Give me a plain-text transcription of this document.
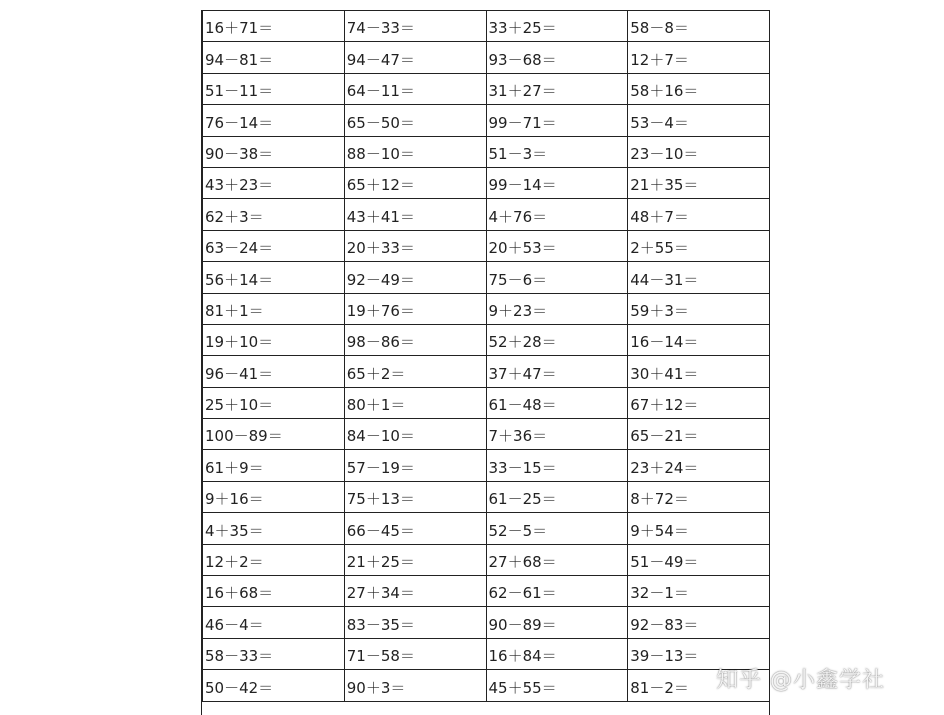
16＋71＝	74－33＝	33＋25＝	58－8＝
94－81＝	94－47＝	93－68＝	12＋7＝
51－11＝	64－11＝	31＋27＝	58＋16＝
76－14＝	65－50＝	99－71＝	53－4＝
90－38＝	88－10＝	51－3＝	23－10＝
43＋23＝	65＋12＝	99－14＝	21＋35＝
62＋3＝	43＋41＝	4＋76＝	48＋7＝
63－24＝	20＋33＝	20＋53＝	2＋55＝
56＋14＝	92－49＝	75－6＝	44－31＝
81＋1＝	19＋76＝	9＋23＝	59＋3＝
19＋10＝	98－86＝	52＋28＝	16－14＝
96－41＝	65＋2＝	37＋47＝	30＋41＝
25＋10＝	80＋1＝	61－48＝	67＋12＝
100－89＝	84－10＝	7＋36＝	65－21＝
61＋9＝	57－19＝	33－15＝	23＋24＝
9＋16＝	75＋13＝	61－25＝	8＋72＝
4＋35＝	66－45＝	52－5＝	9＋54＝
12＋2＝	21＋25＝	27＋68＝	51－49＝
16＋68＝	27＋34＝	62－61＝	32－1＝
46－4＝	83－35＝	90－89＝	92－83＝
58－33＝	71－58＝	16＋84＝	39－13＝
50－42＝	90＋3＝	45＋55＝	81－2＝ 知乎 @小鑫学社
